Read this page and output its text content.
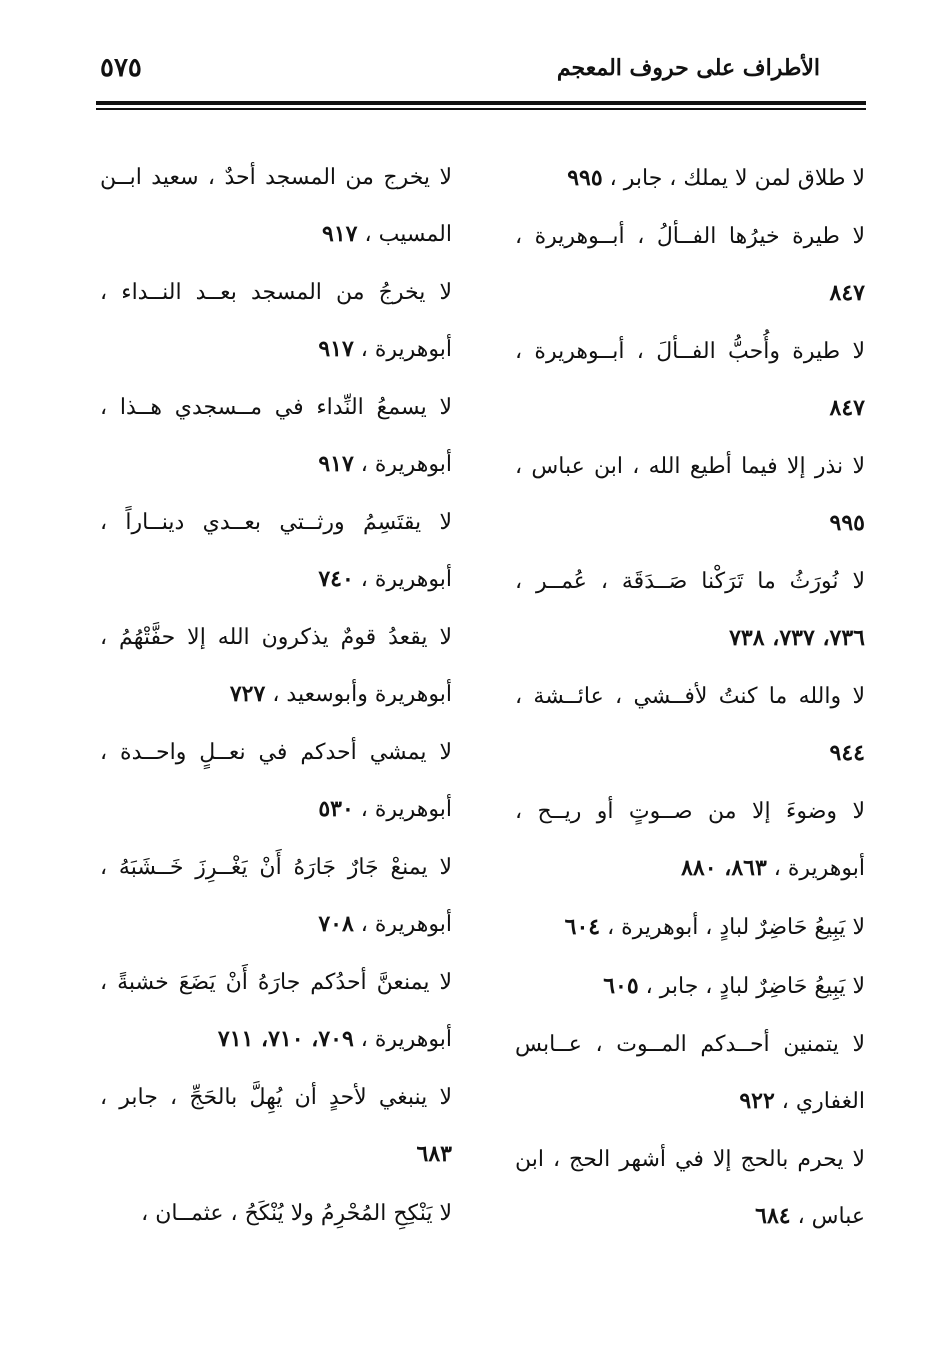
الأطراف على حروف المعجم
٥٧٥

لا طلاق لمن لا يملك ، جابر ، ٩٩٥

لا طيرة خيرُها الفــألُ ، أبــوهريرة ، ٨٤٧

لا طيرة وأُحبُّ الفــألَ ، أبــوهريرة ، ٨٤٧

لا نذر إلا فيما أطيع الله ، ابن عباس ، ٩٩٥

لا نُورَثُ ما تَرَكْنا صَــدَقَة ، عُمــر ، ٧٣٦، ٧٣٧، ٧٣٨

لا والله ما كنتُ لأفــشي ، عائــشة ، ٩٤٤

لا وضوءَ إلا من صــوتٍ أو ريــح ، أبوهريرة ، ٨٦٣، ٨٨٠

لا يَبِيعُ حَاضِرٌ لبادٍ ، أبوهريرة ، ٦٠٤

لا يَبِيعُ حَاضِرٌ لبادٍ ، جابر ، ٦٠٥

لا يتمنين أحــدكم المــوت ، عــابس الغفاري ، ٩٢٢

لا يحرم بالحج إلا في أشهر الحج ، ابن عباس ، ٦٨٤

لا يخرج من المسجد أحدٌ ، سعيد ابــن المسيب ، ٩١٧

لا يخرجُ من المسجد بعــد النــداء ، أبوهريرة ، ٩١٧

لا يسمعُ النِّداء في مــسجدي هــذا ، أبوهريرة ، ٩١٧

لا يقتَسِمُ ورثــتي بعــدي دينــاراً ، أبوهريرة ، ٧٤٠

لا يقعدُ قومٌ يذكرون الله إلا حفَّتْهُمُ ، أبوهريرة وأبوسعيد ، ٧٢٧

لا يمشي أحدكم في نعــلٍ واحــدة ، أبوهريرة ، ٥٣٠

لا يمنعْ جَارٌ جَارَهُ أَنْ يَغْــرِزَ خَــشَبَهُ ، أبوهريرة ، ٧٠٨

لا يمنعنَّ أحدُكم جارَهُ أَنْ يَضَعَ خشبةً ، أبوهريرة ، ٧٠٩، ٧١٠، ٧١١

لا ينبغي لأحدٍ أن يُهِلَّ بالحَجِّ ، جابر ، ٦٨٣

لا يَنْكِحِ المُحْرِمُ ولا يُنْكَحُ ، عثمــان ،
